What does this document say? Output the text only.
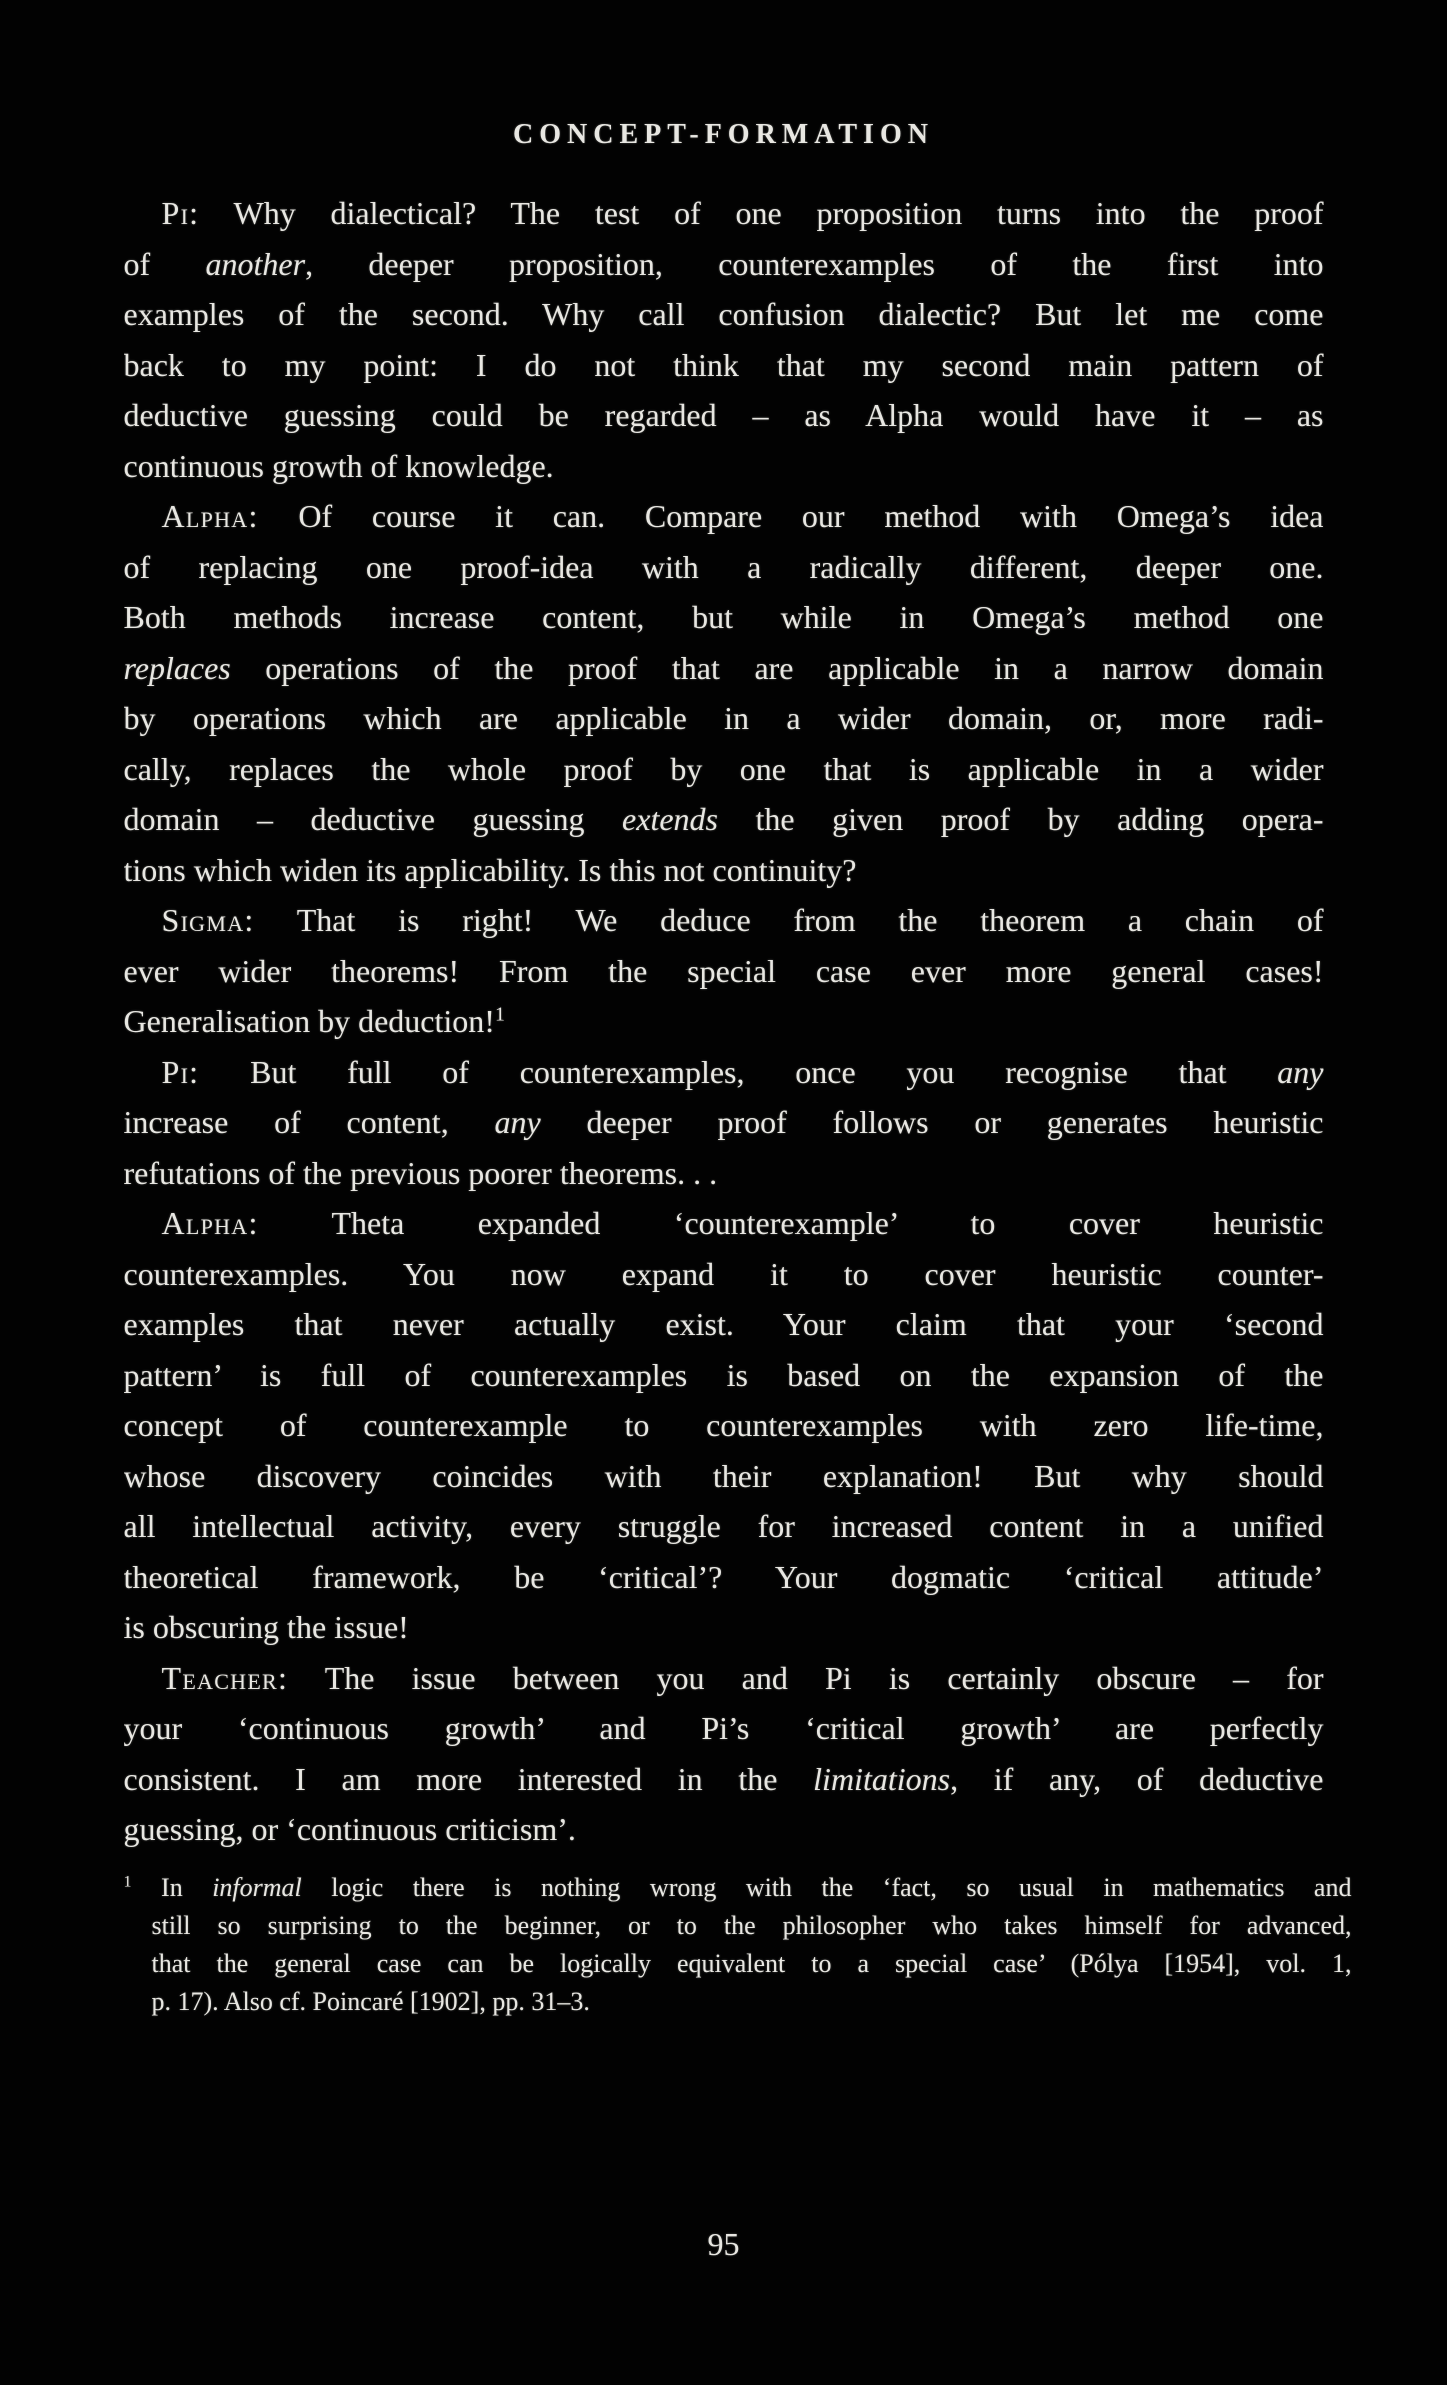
CONCEPT-FORMATION
Pi: Why dialectical? The test of one proposition turns into the proof
of another, deeper proposition, counterexamples of the first into
examples of the second. Why call confusion dialectic? But let me come
back to my point: I do not think that my second main pattern of
deductive guessing could be regarded – as Alpha would have it – as
continuous growth of knowledge.
Alpha: Of course it can. Compare our method with Omega’s idea
of replacing one proof-idea with a radically different, deeper one.
Both methods increase content, but while in Omega’s method one
replaces operations of the proof that are applicable in a narrow domain
by operations which are applicable in a wider domain, or, more radi-
cally, replaces the whole proof by one that is applicable in a wider
domain – deductive guessing extends the given proof by adding opera-
tions which widen its applicability. Is this not continuity?
Sigma: That is right! We deduce from the theorem a chain of
ever wider theorems! From the special case ever more general cases!
Generalisation by deduction!$^1$
Pi: But full of counterexamples, once you recognise that any
increase of content, any deeper proof follows or generates heuristic
refutations of the previous poorer theorems. . .
Alpha: Theta expanded ‘counterexample’ to cover heuristic
counterexamples. You now expand it to cover heuristic counter-
examples that never actually exist. Your claim that your ‘second
pattern’ is full of counterexamples is based on the expansion of the
concept of counterexample to counterexamples with zero life-time,
whose discovery coincides with their explanation! But why should
all intellectual activity, every struggle for increased content in a unified
theoretical framework, be ‘critical’? Your dogmatic ‘critical attitude’
is obscuring the issue!
Teacher: The issue between you and Pi is certainly obscure – for
your ‘continuous growth’ and Pi’s ‘critical growth’ are perfectly
consistent. I am more interested in the limitations, if any, of deductive
guessing, or ‘continuous criticism’.
$^1$ In informal logic there is nothing wrong with the ‘fact, so usual in mathematics and
still so surprising to the beginner, or to the philosopher who takes himself for advanced,
that the general case can be logically equivalent to a special case’ (Pólya [1954], vol. 1,
p. 17). Also cf. Poincaré [1902], pp. 31–3.
95
